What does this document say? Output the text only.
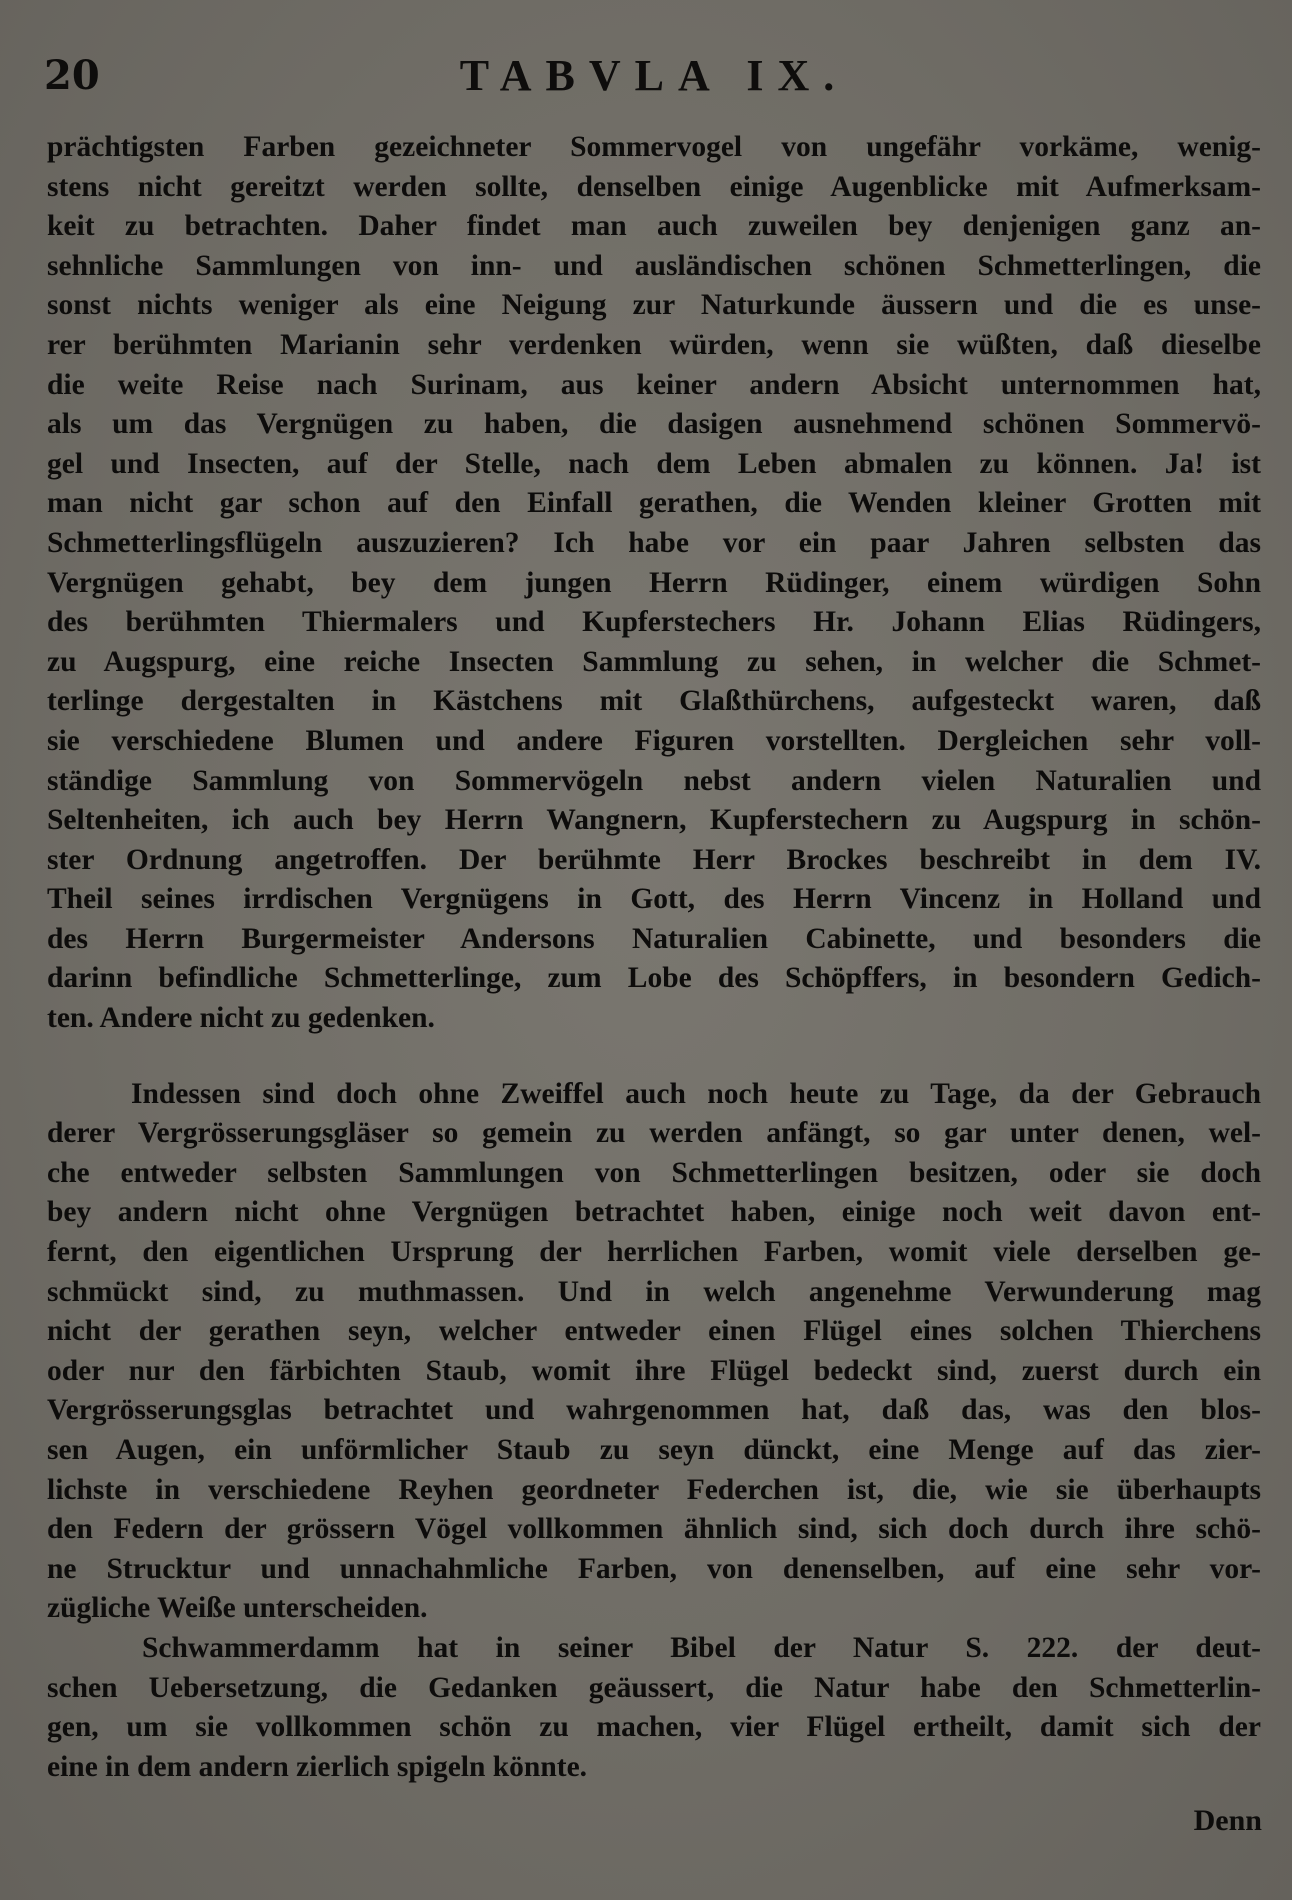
20	TABVLA IX.
prächtigsten Farben gezeichneter Sommervogel von ungefähr vorkäme, wenig-
stens nicht gereitzt werden sollte, denselben einige Augenblicke mit Aufmerksam-
keit zu betrachten. Daher findet man auch zuweilen bey denjenigen ganz an-
sehnliche Sammlungen von inn- und ausländischen schönen Schmetterlingen, die
sonst nichts weniger als eine Neigung zur Naturkunde äussern und die es unse-
rer berühmten Marianin sehr verdenken würden, wenn sie wüßten, daß dieselbe
die weite Reise nach Surinam, aus keiner andern Absicht unternommen hat,
als um das Vergnügen zu haben, die dasigen ausnehmend schönen Sommervö-
gel und Insecten, auf der Stelle, nach dem Leben abmalen zu können. Ja! ist
man nicht gar schon auf den Einfall gerathen, die Wenden kleiner Grotten mit
Schmetterlingsflügeln auszuzieren? Ich habe vor ein paar Jahren selbsten das
Vergnügen gehabt, bey dem jungen Herrn Rüdinger, einem würdigen Sohn
des berühmten Thiermalers und Kupferstechers Hr. Johann Elias Rüdingers,
zu Augspurg, eine reiche Insecten Sammlung zu sehen, in welcher die Schmet-
terlinge dergestalten in Kästchens mit Glaßthürchens, aufgesteckt waren, daß
sie verschiedene Blumen und andere Figuren vorstellten. Dergleichen sehr voll-
ständige Sammlung von Sommervögeln nebst andern vielen Naturalien und
Seltenheiten, ich auch bey Herrn Wangnern, Kupferstechern zu Augspurg in schön-
ster Ordnung angetroffen. Der berühmte Herr Brockes beschreibt in dem IV.
Theil seines irrdischen Vergnügens in Gott, des Herrn Vincenz in Holland und
des Herrn Burgermeister Andersons Naturalien Cabinette, und besonders die
darinn befindliche Schmetterlinge, zum Lobe des Schöpffers, in besondern Gedich-
ten. Andere nicht zu gedenken.
Indessen sind doch ohne Zweiffel auch noch heute zu Tage, da der Gebrauch
derer Vergrösserungsgläser so gemein zu werden anfängt, so gar unter denen, wel-
che entweder selbsten Sammlungen von Schmetterlingen besitzen, oder sie doch
bey andern nicht ohne Vergnügen betrachtet haben, einige noch weit davon ent-
fernt, den eigentlichen Ursprung der herrlichen Farben, womit viele derselben ge-
schmückt sind, zu muthmassen. Und in welch angenehme Verwunderung mag
nicht der gerathen seyn, welcher entweder einen Flügel eines solchen Thierchens
oder nur den färbichten Staub, womit ihre Flügel bedeckt sind, zuerst durch ein
Vergrösserungsglas betrachtet und wahrgenommen hat, daß das, was den blos-
sen Augen, ein unförmlicher Staub zu seyn dünckt, eine Menge auf das zier-
lichste in verschiedene Reyhen geordneter Federchen ist, die, wie sie überhaupts
den Federn der grössern Vögel vollkommen ähnlich sind, sich doch durch ihre schö-
ne Strucktur und unnachahmliche Farben, von denenselben, auf eine sehr vor-
zügliche Weiße unterscheiden.
Schwammerdamm hat in seiner Bibel der Natur S. 222. der deut-
schen Uebersetzung, die Gedanken geäussert, die Natur habe den Schmetterlin-
gen, um sie vollkommen schön zu machen, vier Flügel ertheilt, damit sich der
eine in dem andern zierlich spigeln könnte.
Denn
